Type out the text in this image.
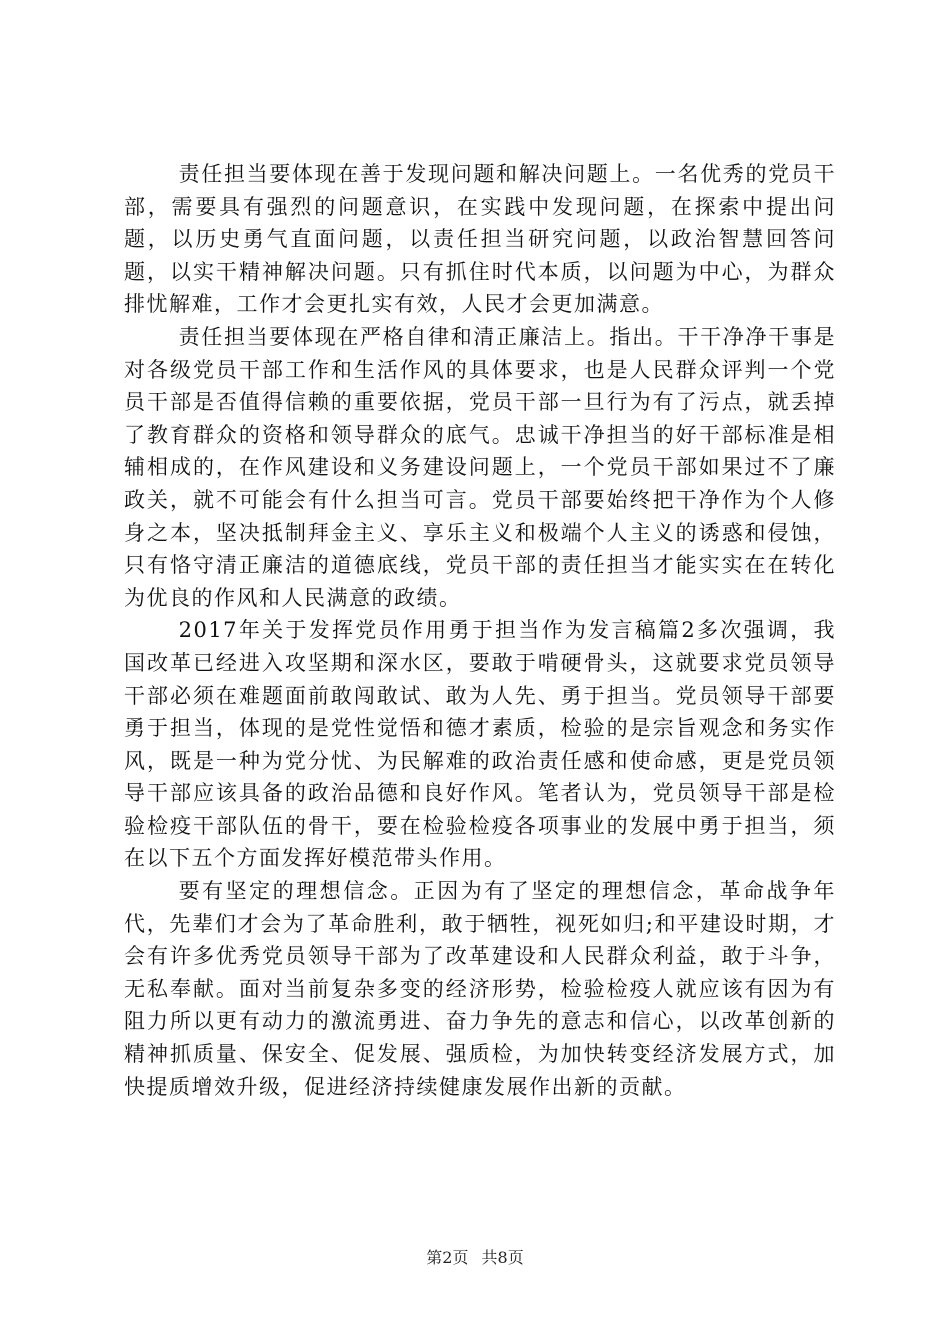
责任担当要体现在善于发现问题和解决问题上。一名优秀的党员干部，需要具有强烈的问题意识，在实践中发现问题，在探索中提出问题，以历史勇气直面问题，以责任担当研究问题，以政治智慧回答问题，以实干精神解决问题。只有抓住时代本质，以问题为中心，为群众排忧解难，工作才会更扎实有效，人民才会更加满意。

责任担当要体现在严格自律和清正廉洁上。指出。干干净净干事是对各级党员干部工作和生活作风的具体要求，也是人民群众评判一个党员干部是否值得信赖的重要依据，党员干部一旦行为有了污点，就丢掉了教育群众的资格和领导群众的底气。忠诚干净担当的好干部标准是相辅相成的，在作风建设和义务建设问题上，一个党员干部如果过不了廉政关，就不可能会有什么担当可言。党员干部要始终把干净作为个人修身之本，坚决抵制拜金主义、享乐主义和极端个人主义的诱惑和侵蚀，只有恪守清正廉洁的道德底线，党员干部的责任担当才能实实在在转化为优良的作风和人民满意的政绩。

2017年关于发挥党员作用勇于担当作为发言稿篇2多次强调，我国改革已经进入攻坚期和深水区，要敢于啃硬骨头，这就要求党员领导干部必须在难题面前敢闯敢试、敢为人先、勇于担当。党员领导干部要勇于担当，体现的是党性觉悟和德才素质，检验的是宗旨观念和务实作风，既是一种为党分忧、为民解难的政治责任感和使命感，更是党员领导干部应该具备的政治品德和良好作风。笔者认为，党员领导干部是检验检疫干部队伍的骨干，要在检验检疫各项事业的发展中勇于担当，须在以下五个方面发挥好模范带头作用。

要有坚定的理想信念。正因为有了坚定的理想信念，革命战争年代，先辈们才会为了革命胜利，敢于牺牲，视死如归;和平建设时期，才会有许多优秀党员领导干部为了改革建设和人民群众利益，敢于斗争，无私奉献。面对当前复杂多变的经济形势，检验检疫人就应该有因为有阻力所以更有动力的激流勇进、奋力争先的意志和信心，以改革创新的精神抓质量、保安全、促发展、强质检，为加快转变经济发展方式，加快提质增效升级，促进经济持续健康发展作出新的贡献。

第2页 共8页
